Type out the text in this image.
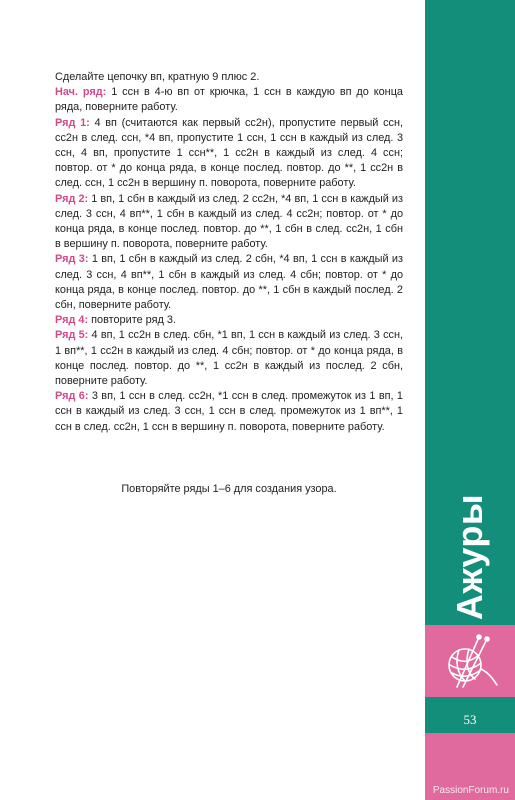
Сделайте цепочку вп, кратную 9 плюс 2.

Нач. ряд: 1 ссн в 4-ю вп от крючка, 1 ссн в каждую вп до конца ряда, поверните работу.

Ряд 1: 4 вп (считаются как первый сс2н), пропустите первый ссн, сс2н в след. ссн, *4 вп, пропустите 1 ссн, 1 ссн в каждый из след. 3 ссн, 4 вп, пропустите 1 ссн**, 1 сс2н в каждый из след. 4 ссн; повтор. от * до конца ряда, в конце послед. повтор. до **, 1 сс2н в след. ссн, 1 сс2н в вершину п. поворота, поверните работу.

Ряд 2: 1 вп, 1 сбн в каждый из след. 2 сс2н, *4 вп, 1 ссн в каждый из след. 3 ссн, 4 вп**, 1 сбн в каждый из след. 4 сс2н; повтор. от * до конца ряда, в конце послед. повтор. до **, 1 сбн в след. сс2н, 1 сбн в вершину п. поворота, поверните работу.

Ряд 3: 1 вп, 1 сбн в каждый из след. 2 сбн, *4 вп, 1 ссн в каждый из след. 3 ссн, 4 вп**, 1 сбн в каждый из след. 4 сбн; повтор. от * до конца ряда, в конце послед. повтор. до **, 1 сбн в каждый послед. 2 сбн, поверните работу.

Ряд 4: повторите ряд 3.

Ряд 5: 4 вп, 1 сс2н в след. сбн, *1 вп, 1 ссн в каждый из след. 3 ссн, 1 вп**, 1 сс2н в каждый из след. 4 сбн; повтор. от * до конца ряда, в конце послед. повтор. до **, 1 сс2н в каждый из послед. 2 сбн, поверните работу.

Ряд 6: 3 вп, 1 ссн в след. сс2н, *1 ссн в след. промежуток из 1 вп, 1 ссн в каждый из след. 3 ссн, 1 ссн в след. промежуток из 1 вп**, 1 ссн в след. сс2н, 1 ссн в вершину п. поворота, поверните работу.

Повторяйте ряды 1–6 для создания узора.
Ажуры
53
PassionForum.ru
